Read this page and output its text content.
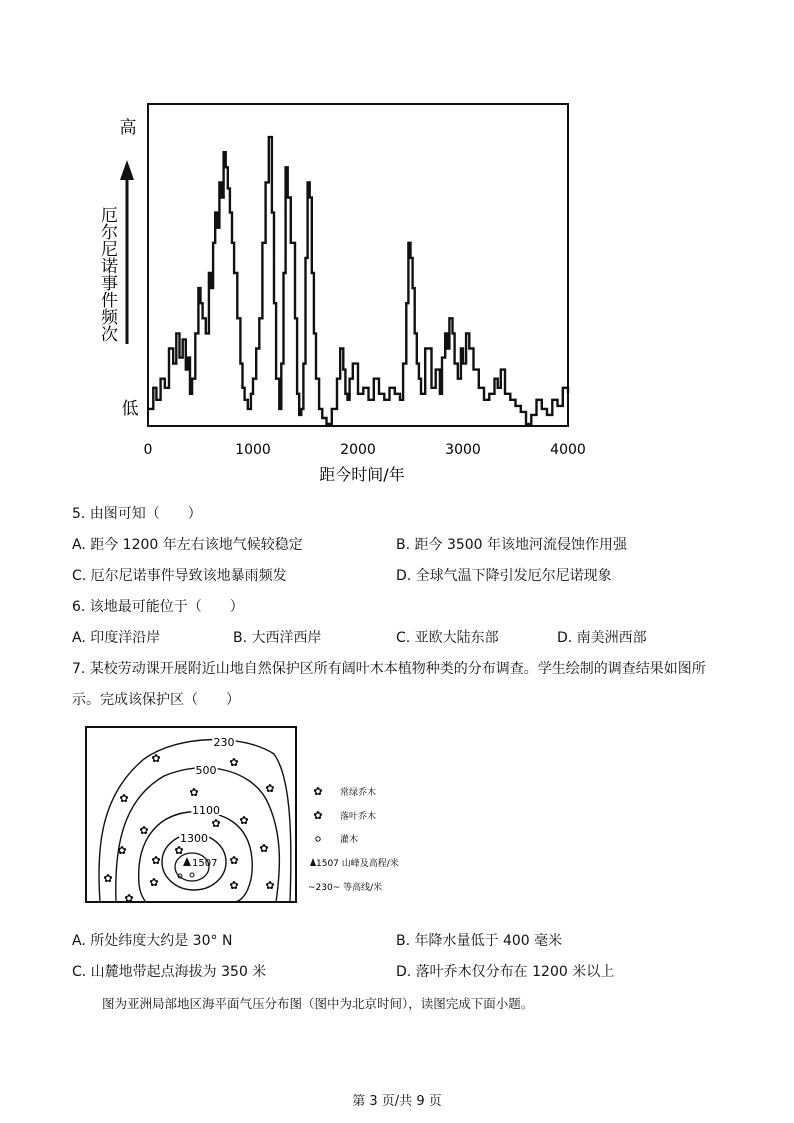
高
低
厄尔尼诺事件频次
0	1000	2000	3000	4000
距今时间/年
5. 由图可知（　　）
A. 距今 1200 年左右该地气候较稳定	B. 距今 3500 年该地河流侵蚀作用强
C. 厄尔尼诺事件导致该地暴雨频发	D. 全球气温下降引发厄尔尼诺现象
6. 该地最可能位于（　　）
A. 印度洋沿岸	B. 大西洋西岸	C. 亚欧大陆东部	D. 南美洲西部
7. 某校劳动课开展附近山地自然保护区所有阔叶木本植物种类的分布调查。学生绘制的调查结果如图所
示。完成该保护区（　　）
230
500
1100
1300
1507
✿	✿
✿	✿	✿
✿
✿ ✿
✿	✿	✿
✿	✿
✿	✿
✿
✿
✿
✿ 常绿乔木
✿ 落叶乔木
灌木
1507 山峰及高程/米
~230~ 等高线/米
A. 所处纬度大约是 30° N	B. 年降水量低于 400 毫米
C. 山麓地带起点海拔为 350 米	D. 落叶乔木仅分布在 1200 米以上
图为亚洲局部地区海平面气压分布图（图中为北京时间），读图完成下面小题。
第 3 页/共 9 页
